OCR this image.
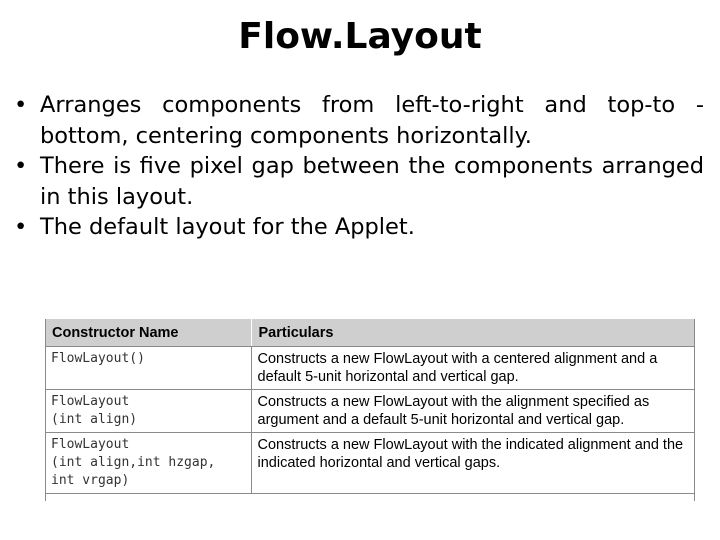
Flow.Layout
• Arranges components from left-to-right and top-to -bottom, centering components horizontally.
• There is five pixel gap between the components arranged in this layout.
• The default layout for the Applet.
Constructor Name	Particulars
FlowLayout()	Constructs a new FlowLayout with a centered alignment and a default 5-unit horizontal and vertical gap.
FlowLayout
(int align)	Constructs a new FlowLayout with the alignment specified as argument and a default 5-unit horizontal and vertical gap.
FlowLayout
(int align,int hzgap, int vrgap)	Constructs a new FlowLayout with the indicated alignment and the indicated horizontal and vertical gaps.
